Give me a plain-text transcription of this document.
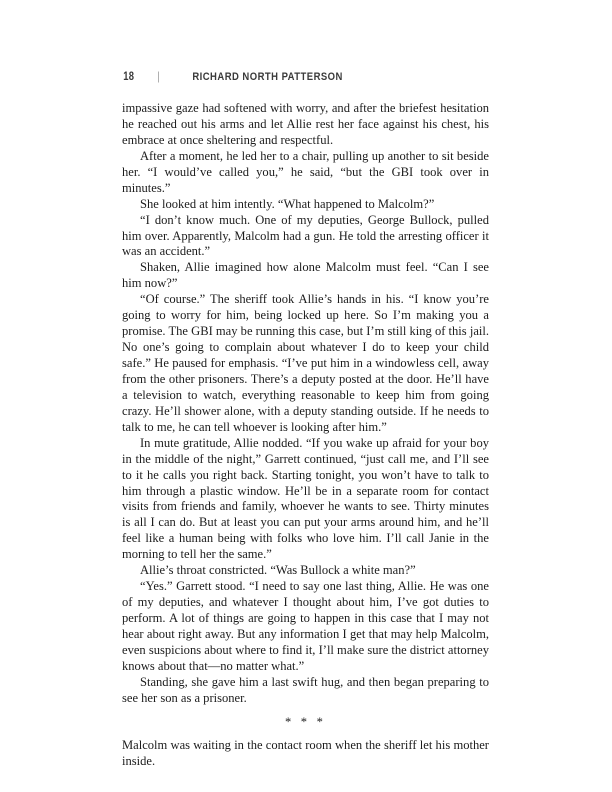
18 |	RICHARD NORTH PATTERSON

impassive gaze had softened with worry, and after the briefest hesitation he reached out his arms and let Allie rest her face against his chest, his embrace at once sheltering and respectful.

After a moment, he led her to a chair, pulling up another to sit beside her. “I would’ve called you,” he said, “but the GBI took over in minutes.”

She looked at him intently. “What happened to Malcolm?”

“I don’t know much. One of my deputies, George Bullock, pulled him over. Apparently, Malcolm had a gun. He told the arresting officer it was an accident.”

Shaken, Allie imagined how alone Malcolm must feel. “Can I see him now?”

“Of course.” The sheriff took Allie’s hands in his. “I know you’re going to worry for him, being locked up here. So I’m making you a promise. The GBI may be running this case, but I’m still king of this jail. No one’s going to complain about whatever I do to keep your child safe.” He paused for emphasis. “I’ve put him in a windowless cell, away from the other prisoners. There’s a deputy posted at the door. He’ll have a television to watch, everything reasonable to keep him from going crazy. He’ll shower alone, with a deputy standing outside. If he needs to talk to me, he can tell whoever is looking after him.”

In mute gratitude, Allie nodded. “If you wake up afraid for your boy in the middle of the night,” Garrett continued, “just call me, and I’ll see to it he calls you right back. Starting tonight, you won’t have to talk to him through a plastic window. He’ll be in a separate room for contact visits from friends and family, whoever he wants to see. Thirty minutes is all I can do. But at least you can put your arms around him, and he’ll feel like a human being with folks who love him. I’ll call Janie in the morning to tell her the same.”

Allie’s throat constricted. “Was Bullock a white man?”

“Yes.” Garrett stood. “I need to say one last thing, Allie. He was one of my deputies, and whatever I thought about him, I’ve got duties to perform. A lot of things are going to happen in this case that I may not hear about right away. But any information I get that may help Malcolm, even suspicions about where to find it, I’ll make sure the district attorney knows about that—no matter what.”

Standing, she gave him a last swift hug, and then began preparing to see her son as a prisoner.

* * *

Malcolm was waiting in the contact room when the sheriff let his mother inside.
